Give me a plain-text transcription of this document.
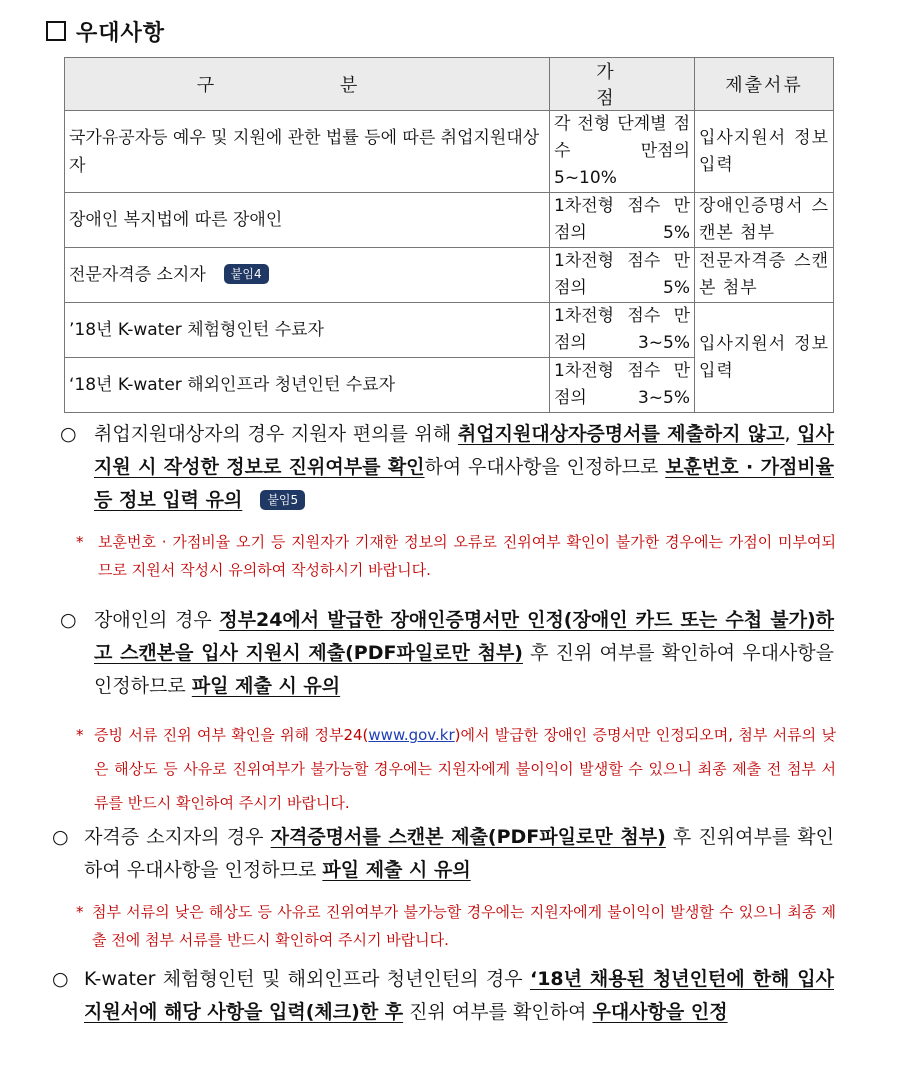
우대사항
구 분	가 점	제출서류
국가유공자등 예우 및 지원에 관한 법률 등에 따른 취업지원대상자	각 전형 단계별 점수 만점의 5~10%	입사지원서 정보 입력
장애인 복지법에 따른 장애인	1차전형 점수 만점의 5%	장애인증명서 스캔본 첨부
전문자격증 소지자 붙임4	1차전형 점수 만점의 5%	전문자격증 스캔본 첨부
’18년 K-water 체험형인턴 수료자	1차전형 점수 만점의 3~5%	입사지원서 정보 입력
‘18년 K-water 해외인프라 청년인턴 수료자	1차전형 점수 만점의 3~5%	
○ 취업지원대상자의 경우 지원자 편의를 위해 취업지원대상자증명서를 제출하지 않고, 입사지원 시 작성한 정보로 진위여부를 확인하여 우대사항을 인정하므로 보훈번호 · 가점비율 등 정보 입력 유의 붙임5
* 보훈번호 · 가점비율 오기 등 지원자가 기재한 정보의 오류로 진위여부 확인이 불가한 경우에는 가점이 미부여되므로 지원서 작성시 유의하여 작성하시기 바랍니다.
○ 장애인의 경우 정부24에서 발급한 장애인증명서만 인정(장애인 카드 또는 수첩 불가)하고 스캔본을 입사 지원시 제출(PDF파일로만 첨부) 후 진위 여부를 확인하여 우대사항을 인정하므로 파일 제출 시 유의
* 증빙 서류 진위 여부 확인을 위해 정부24(www.gov.kr)에서 발급한 장애인 증명서만 인정되오며, 첨부 서류의 낮은 해상도 등 사유로 진위여부가 불가능할 경우에는 지원자에게 불이익이 발생할 수 있으니 최종 제출 전 첨부 서류를 반드시 확인하여 주시기 바랍니다.
○ 자격증 소지자의 경우 자격증명서를 스캔본 제출(PDF파일로만 첨부) 후 진위여부를 확인하여 우대사항을 인정하므로 파일 제출 시 유의
* 첨부 서류의 낮은 해상도 등 사유로 진위여부가 불가능할 경우에는 지원자에게 불이익이 발생할 수 있으니 최종 제출 전에 첨부 서류를 반드시 확인하여 주시기 바랍니다.
○ K-water 체험형인턴 및 해외인프라 청년인턴의 경우 ‘18년 채용된 청년인턴에 한해 입사지원서에 해당 사항을 입력(체크)한 후 진위 여부를 확인하여 우대사항을 인정
